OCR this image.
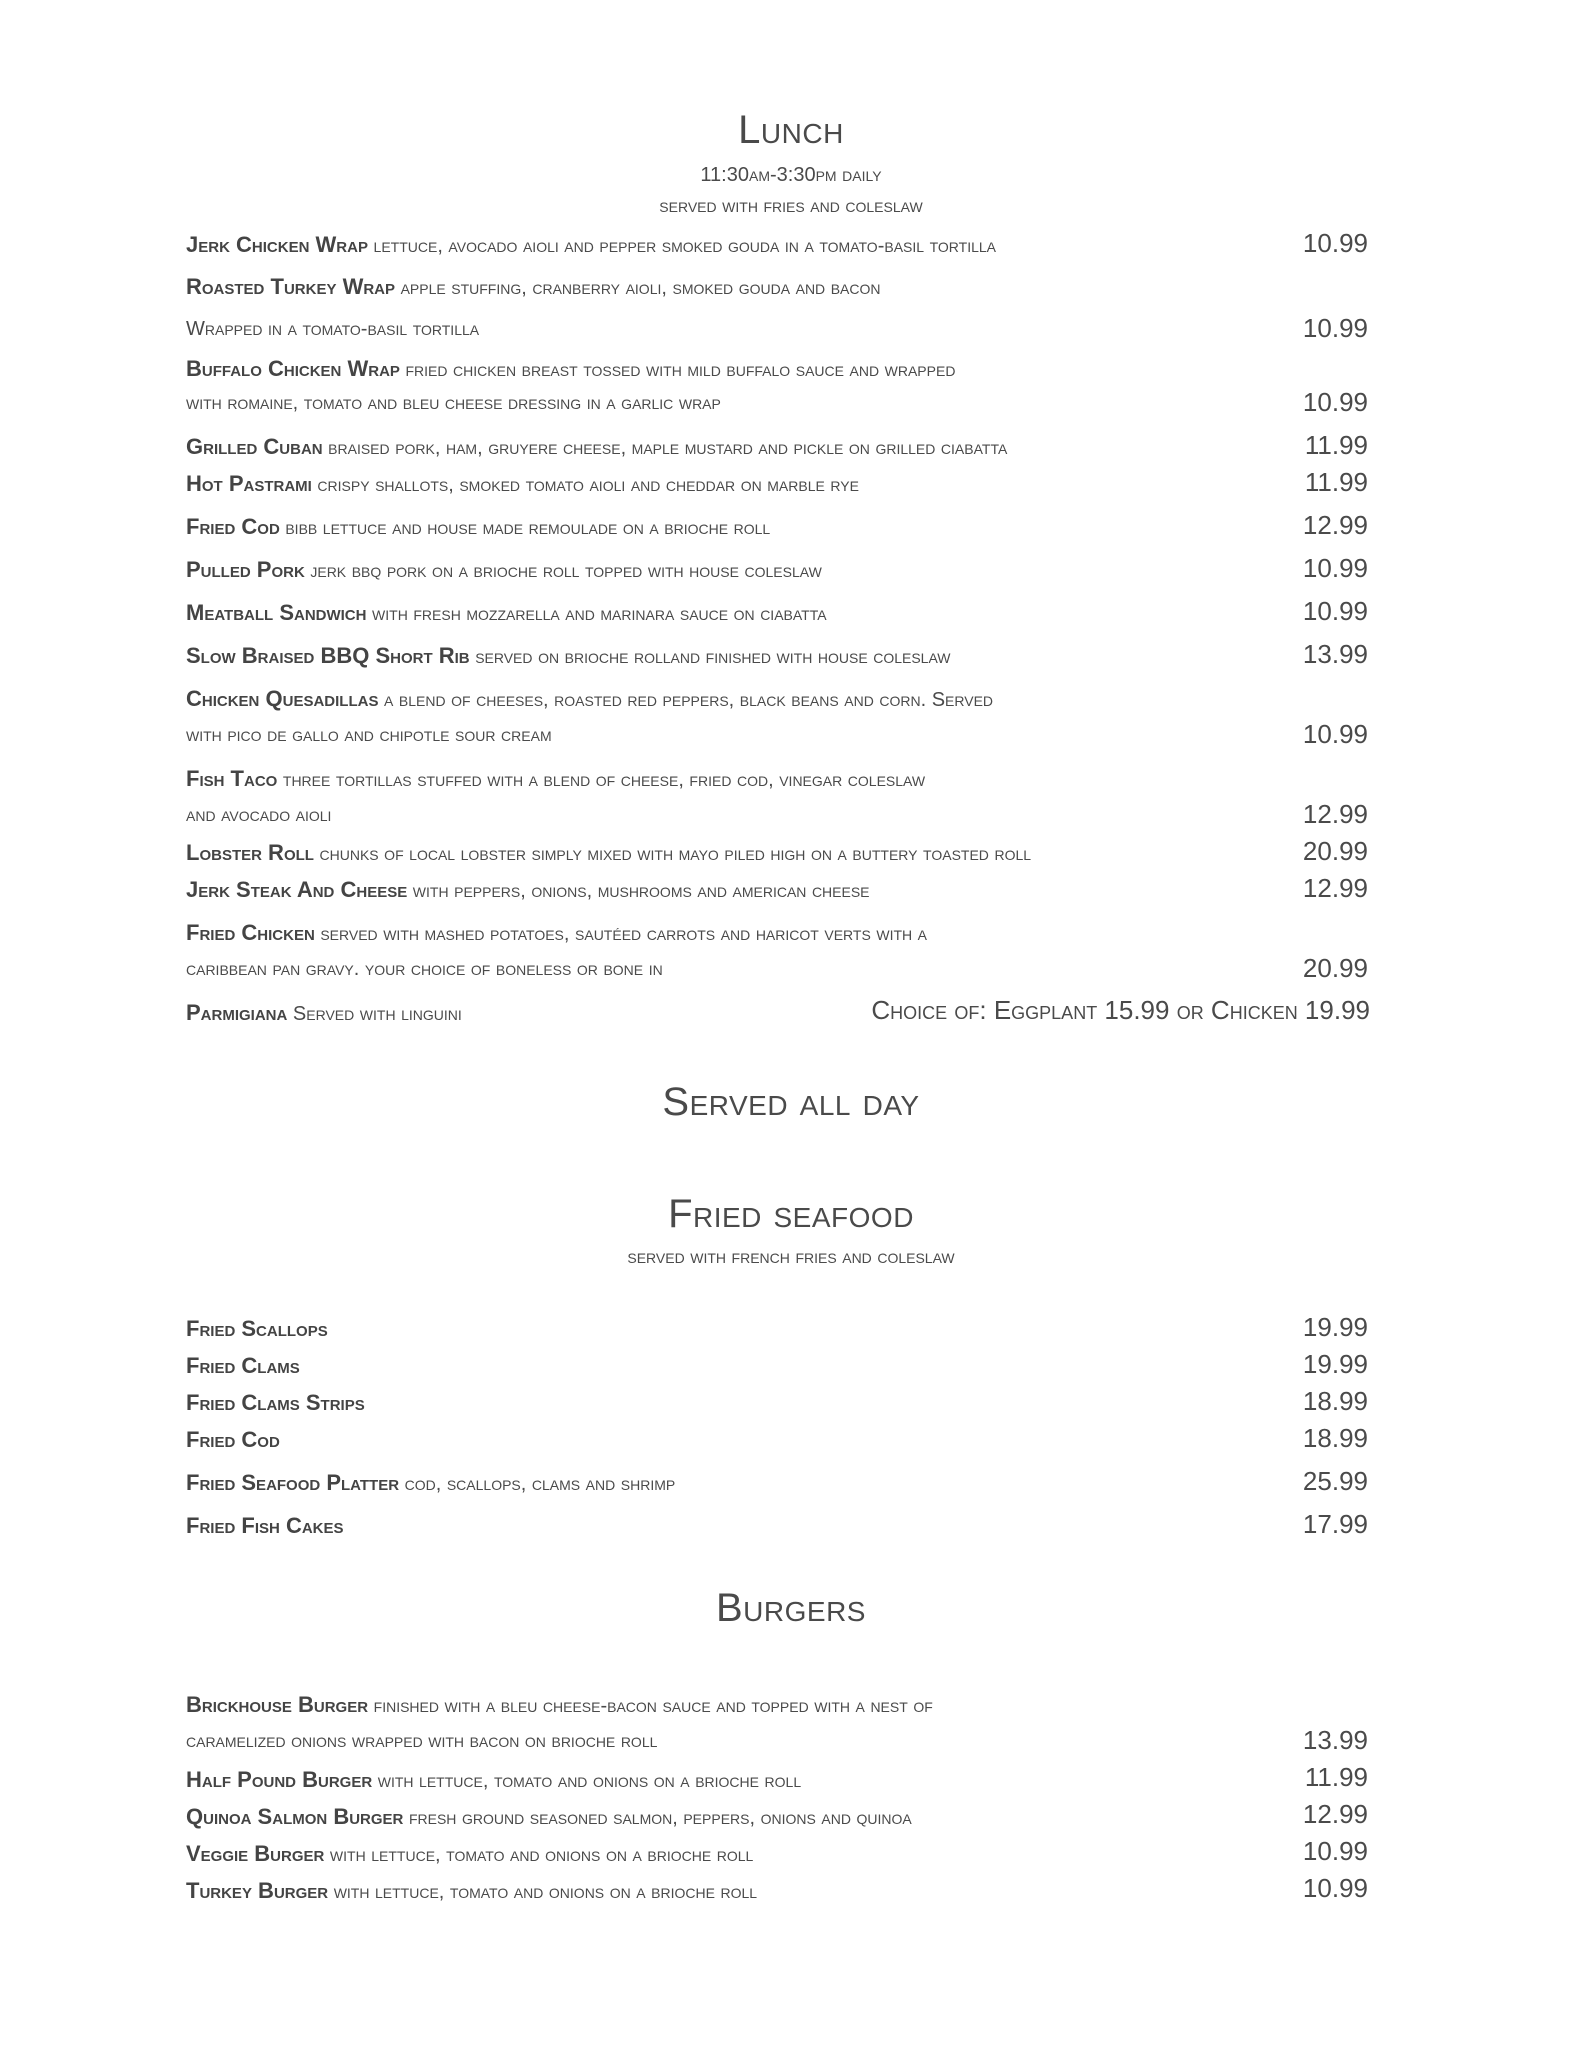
Lunch
11:30am-3:30pm daily
served with fries and coleslaw
Jerk Chicken Wrap lettuce, avocado aioli and pepper smoked gouda in a tomato-basil tortilla	10.99
Roasted Turkey Wrap apple stuffing, cranberry aioli, smoked gouda and bacon
Wrapped in a tomato-basil tortilla	10.99
Buffalo Chicken Wrap fried chicken breast tossed with mild buffalo sauce and wrapped
with romaine, tomato and bleu cheese dressing in a garlic wrap	10.99
Grilled Cuban braised pork, ham, gruyere cheese, maple mustard and pickle on grilled ciabatta	11.99
Hot Pastrami crispy shallots, smoked tomato aioli and cheddar on marble rye	11.99
Fried Cod bibb lettuce and house made remoulade on a brioche roll	12.99
Pulled Pork jerk bbq pork on a brioche roll topped with house coleslaw	10.99
Meatball Sandwich with fresh mozzarella and marinara sauce on ciabatta	10.99
Slow Braised BBQ Short Rib served on brioche rolland finished with house coleslaw	13.99
Chicken Quesadillas a blend of cheeses, roasted red peppers, black beans and corn. Served
with pico de gallo and chipotle sour cream	10.99
Fish Taco three tortillas stuffed with a blend of cheese, fried cod, vinegar coleslaw
and avocado aioli	12.99
Lobster Roll chunks of local lobster simply mixed with mayo piled high on a buttery toasted roll	20.99
Jerk Steak And Cheese with peppers, onions, mushrooms and american cheese	12.99
Fried Chicken served with mashed potatoes, sautéed carrots and haricot verts with a
caribbean pan gravy. your choice of boneless or bone in	20.99
Parmigiana Served with linguini	Choice of: Eggplant 15.99 or Chicken 19.99
Served all day
Fried seafood
served with french fries and coleslaw
Fried Scallops	19.99
Fried Clams	19.99
Fried Clams Strips	18.99
Fried Cod	18.99
Fried Seafood Platter cod, scallops, clams and shrimp	25.99
Fried Fish Cakes	17.99
Burgers
Brickhouse Burger finished with a bleu cheese-bacon sauce and topped with a nest of
caramelized onions wrapped with bacon on brioche roll	13.99
Half Pound Burger with lettuce, tomato and onions on a brioche roll	11.99
Quinoa Salmon Burger fresh ground seasoned salmon, peppers, onions and quinoa	12.99
Veggie Burger with lettuce, tomato and onions on a brioche roll	10.99
Turkey Burger with lettuce, tomato and onions on a brioche roll	10.99
